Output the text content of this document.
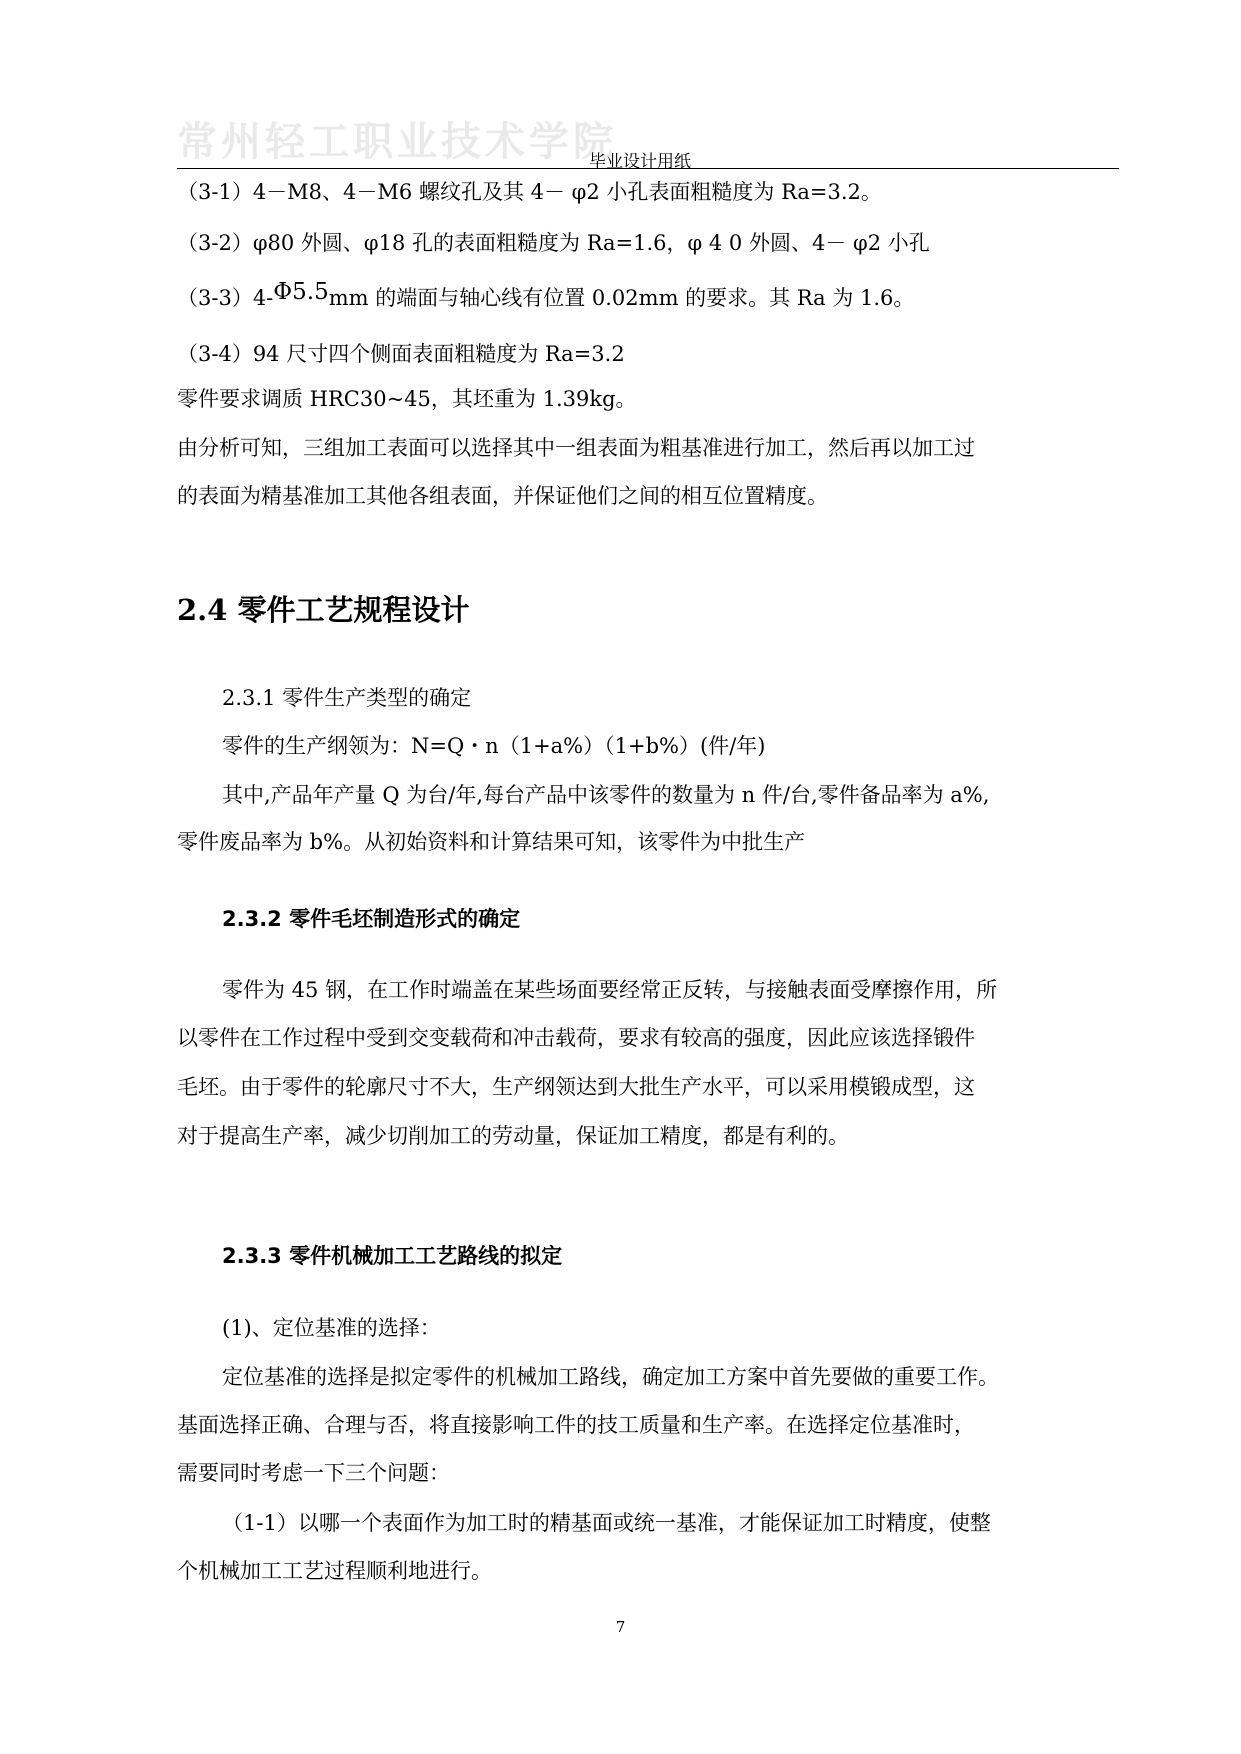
常州轻工职业技术学院
毕业设计用纸
（3-1）4－M8、4－M6 螺纹孔及其 4－ φ2 小孔表面粗糙度为 Ra=3.2。
（3-2）φ80 外圆、φ18 孔的表面粗糙度为 Ra=1.6，φ 4 0 外圆、4－ φ2 小孔
（3-3）4-Φ5.5mm 的端面与轴心线有位置 0.02mm 的要求。其 Ra 为 1.6。
（3-4）94 尺寸四个侧面表面粗糙度为 Ra=3.2
零件要求调质 HRC30~45，其坯重为 1.39kg。
由分析可知，三组加工表面可以选择其中一组表面为粗基准进行加工，然后再以加工过
的表面为精基准加工其他各组表面，并保证他们之间的相互位置精度。
2.4 零件工艺规程设计
2.3.1 零件生产类型的确定
零件的生产纲领为：N=Q・n（1+a%）（1+b%）(件/年)
其中,产品年产量 Q 为台/年,每台产品中该零件的数量为 n 件/台,零件备品率为 a%,
零件废品率为 b%。从初始资料和计算结果可知，该零件为中批生产
2.3.2 零件毛坯制造形式的确定
零件为 45 钢，在工作时端盖在某些场面要经常正反转，与接触表面受摩擦作用，所
以零件在工作过程中受到交变载荷和冲击载荷，要求有较高的强度，因此应该选择锻件
毛坯。由于零件的轮廓尺寸不大，生产纲领达到大批生产水平，可以采用模锻成型，这
对于提高生产率，减少切削加工的劳动量，保证加工精度，都是有利的。
2.3.3 零件机械加工工艺路线的拟定
(1)、定位基准的选择：
定位基准的选择是拟定零件的机械加工路线，确定加工方案中首先要做的重要工作。
基面选择正确、合理与否，将直接影响工件的技工质量和生产率。在选择定位基准时，
需要同时考虑一下三个问题：
（1-1）以哪一个表面作为加工时的精基面或统一基准，才能保证加工时精度，使整
个机械加工工艺过程顺利地进行。
7
